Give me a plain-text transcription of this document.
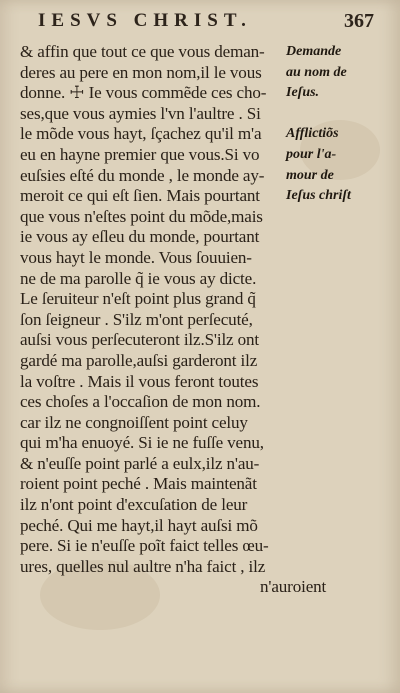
IESVS CHRIST.	367
& affin que tout ce que vous deman-
deres au pere en mon nom,il le vous
donne. ☩ Ie vous commẽde ces cho-
ses,que vous aymies l'vn l'aultre . Si
le mõde vous hayt, ſçachez qu'il m'a
eu en hayne premier que vous.Si vo
euſsies eſté du monde , le monde ay-
meroit ce qui eſt ſien. Mais pourtant
que vous n'eſtes point du mõde,mais
ie vous ay eſleu du monde, pourtant
vous hayt le monde. Vous ſouuien-
ne de ma parolle q̃ ie vous ay dicte.
Le ſeruiteur n'eſt point plus grand q̃
ſon ſeigneur . S'ilz m'ont perſecuté,
auſsi vous perſecuteront ilz.S'ilz ont
gardé ma parolle,auſsi garderont ilz
la voſtre . Mais il vous feront toutes
ces choſes a l'occaſion de mon nom.
car ilz ne congnoiſſent point celuy
qui m'ha enuoyé. Si ie ne fuſſe venu,
& n'euſſe point parlé a eulx,ilz n'au-
roient point peché . Mais maintenãt
ilz n'ont point d'excuſation de leur
peché. Qui me hayt,il hayt auſsi mõ
pere. Si ie n'euſſe poĩt faict telles œu-
ures, quelles nul aultre n'ha faict , ilz
n'auroient
Demande
au nom de
Ieſus.
Afflictiõs
pour l'a-
mour de
Ieſus chriſt
